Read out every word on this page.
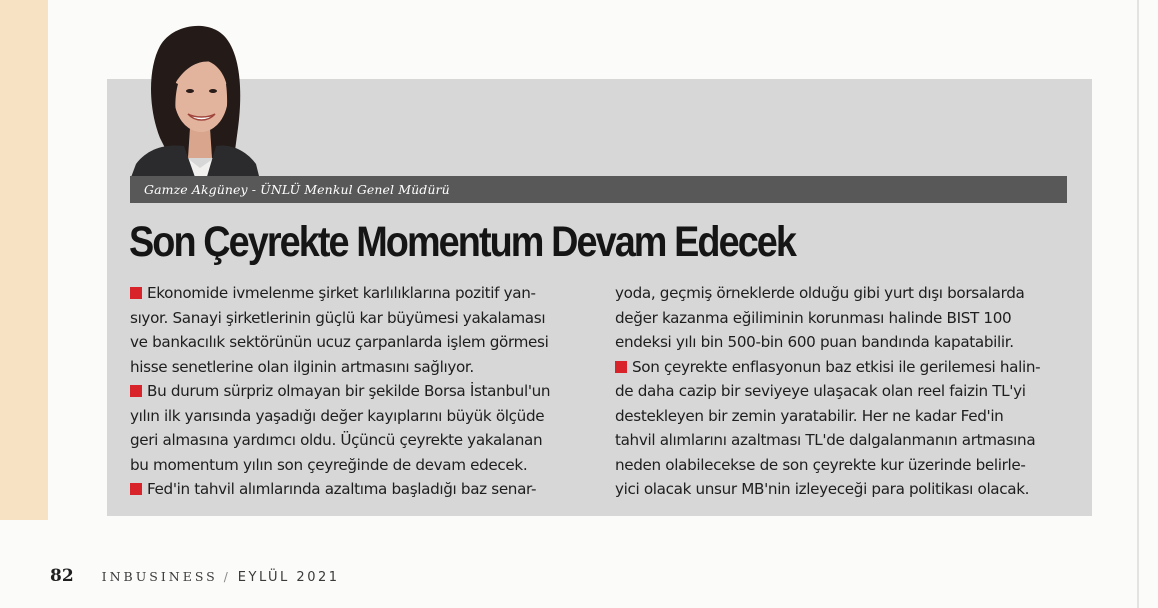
Gamze Akgüney - ÜNLÜ Menkul Genel Müdürü
Son Çeyrekte Momentum Devam Edecek
Ekonomide ivmelenme şirket karlılıklarına pozitif yan-
sıyor. Sanayi şirketlerinin güçlü kar büyümesi yakalaması
ve bankacılık sektörünün ucuz çarpanlarda işlem görmesi
hisse senetlerine olan ilginin artmasını sağlıyor.
Bu durum sürpriz olmayan bir şekilde Borsa İstanbul'un
yılın ilk yarısında yaşadığı değer kayıplarını büyük ölçüde
geri almasına yardımcı oldu. Üçüncü çeyrekte yakalanan
bu momentum yılın son çeyreğinde de devam edecek.
Fed'in tahvil alımlarında azaltıma başladığı baz senar-
yoda, geçmiş örneklerde olduğu gibi yurt dışı borsalarda
değer kazanma eğiliminin korunması halinde BIST 100
endeksi yılı bin 500-bin 600 puan bandında kapatabilir.
Son çeyrekte enflasyonun baz etkisi ile gerilemesi halin-
de daha cazip bir seviyeye ulaşacak olan reel faizin TL'yi
destekleyen bir zemin yaratabilir. Her ne kadar Fed'in
tahvil alımlarını azaltması TL'de dalgalanmanın artmasına
neden olabilecekse de son çeyrekte kur üzerinde belirle-
yici olacak unsur MB'nin izleyeceği para politikası olacak.
82 INBUSINESS / EYLÜL 2021
